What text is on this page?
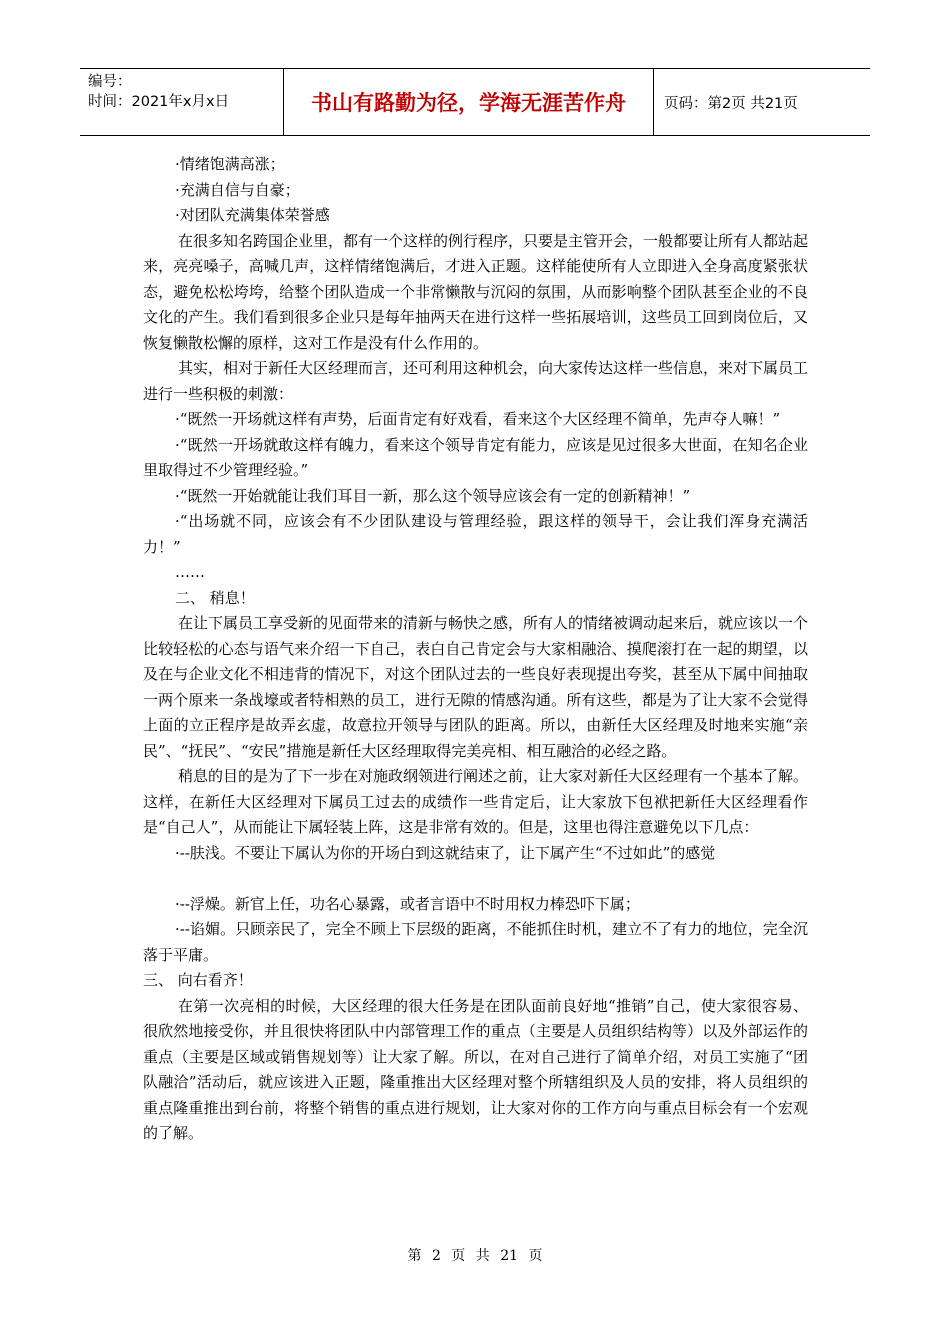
编号：
时间：2021年x月x日	书山有路勤为径，学海无涯苦作舟	页码：第2页 共21页

·情绪饱满高涨；

·充满自信与自豪；

·对团队充满集体荣誉感

在很多知名跨国企业里，都有一个这样的例行程序，只要是主管开会，一般都要让所有人都站起来，亮亮嗓子，高喊几声，这样情绪饱满后，才进入正题。这样能使所有人立即进入全身高度紧张状态，避免松松垮垮，给整个团队造成一个非常懒散与沉闷的氛围，从而影响整个团队甚至企业的不良文化的产生。我们看到很多企业只是每年抽两天在进行这样一些拓展培训，这些员工回到岗位后，又恢复懒散松懈的原样，这对工作是没有什么作用的。

其实，相对于新任大区经理而言，还可利用这种机会，向大家传达这样一些信息，来对下属员工进行一些积极的刺激：

·“既然一开场就这样有声势，后面肯定有好戏看，看来这个大区经理不简单，先声夺人嘛！”

·“既然一开场就敢这样有魄力，看来这个领导肯定有能力，应该是见过很多大世面，在知名企业里取得过不少管理经验。”

·“既然一开始就能让我们耳目一新，那么这个领导应该会有一定的创新精神！”

·“出场就不同，应该会有不少团队建设与管理经验，跟这样的领导干，会让我们浑身充满活力！”

……

二、 稍息！

在让下属员工享受新的见面带来的清新与畅快之感，所有人的情绪被调动起来后，就应该以一个比较轻松的心态与语气来介绍一下自己，表白自己肯定会与大家相融洽、摸爬滚打在一起的期望，以及在与企业文化不相违背的情况下，对这个团队过去的一些良好表现提出夸奖，甚至从下属中间抽取一两个原来一条战壕或者特相熟的员工，进行无隙的情感沟通。所有这些，都是为了让大家不会觉得上面的立正程序是故弄玄虚，故意拉开领导与团队的距离。所以，由新任大区经理及时地来实施“亲民”、“抚民”、“安民”措施是新任大区经理取得完美亮相、相互融洽的必经之路。

稍息的目的是为了下一步在对施政纲领进行阐述之前，让大家对新任大区经理有一个基本了解。这样，在新任大区经理对下属员工过去的成绩作一些肯定后，让大家放下包袱把新任大区经理看作是“自己人”，从而能让下属轻装上阵，这是非常有效的。但是，这里也得注意避免以下几点：

·--肤浅。不要让下属认为你的开场白到这就结束了，让下属产生“不过如此”的感觉

·--浮燥。新官上任，功名心暴露，或者言语中不时用权力棒恐吓下属；

·--谄媚。只顾亲民了，完全不顾上下层级的距离，不能抓住时机，建立不了有力的地位，完全沉落于平庸。

三、 向右看齐！

在第一次亮相的时候，大区经理的很大任务是在团队面前良好地“推销”自己，使大家很容易、很欣然地接受你，并且很快将团队中内部管理工作的重点（主要是人员组织结构等）以及外部运作的重点（主要是区域或销售规划等）让大家了解。所以，在对自己进行了简单介绍，对员工实施了“团队融洽”活动后，就应该进入正题，隆重推出大区经理对整个所辖组织及人员的安排，将人员组织的重点隆重推出到台前，将整个销售的重点进行规划，让大家对你的工作方向与重点目标会有一个宏观的了解。

第 2 页 共 21 页
